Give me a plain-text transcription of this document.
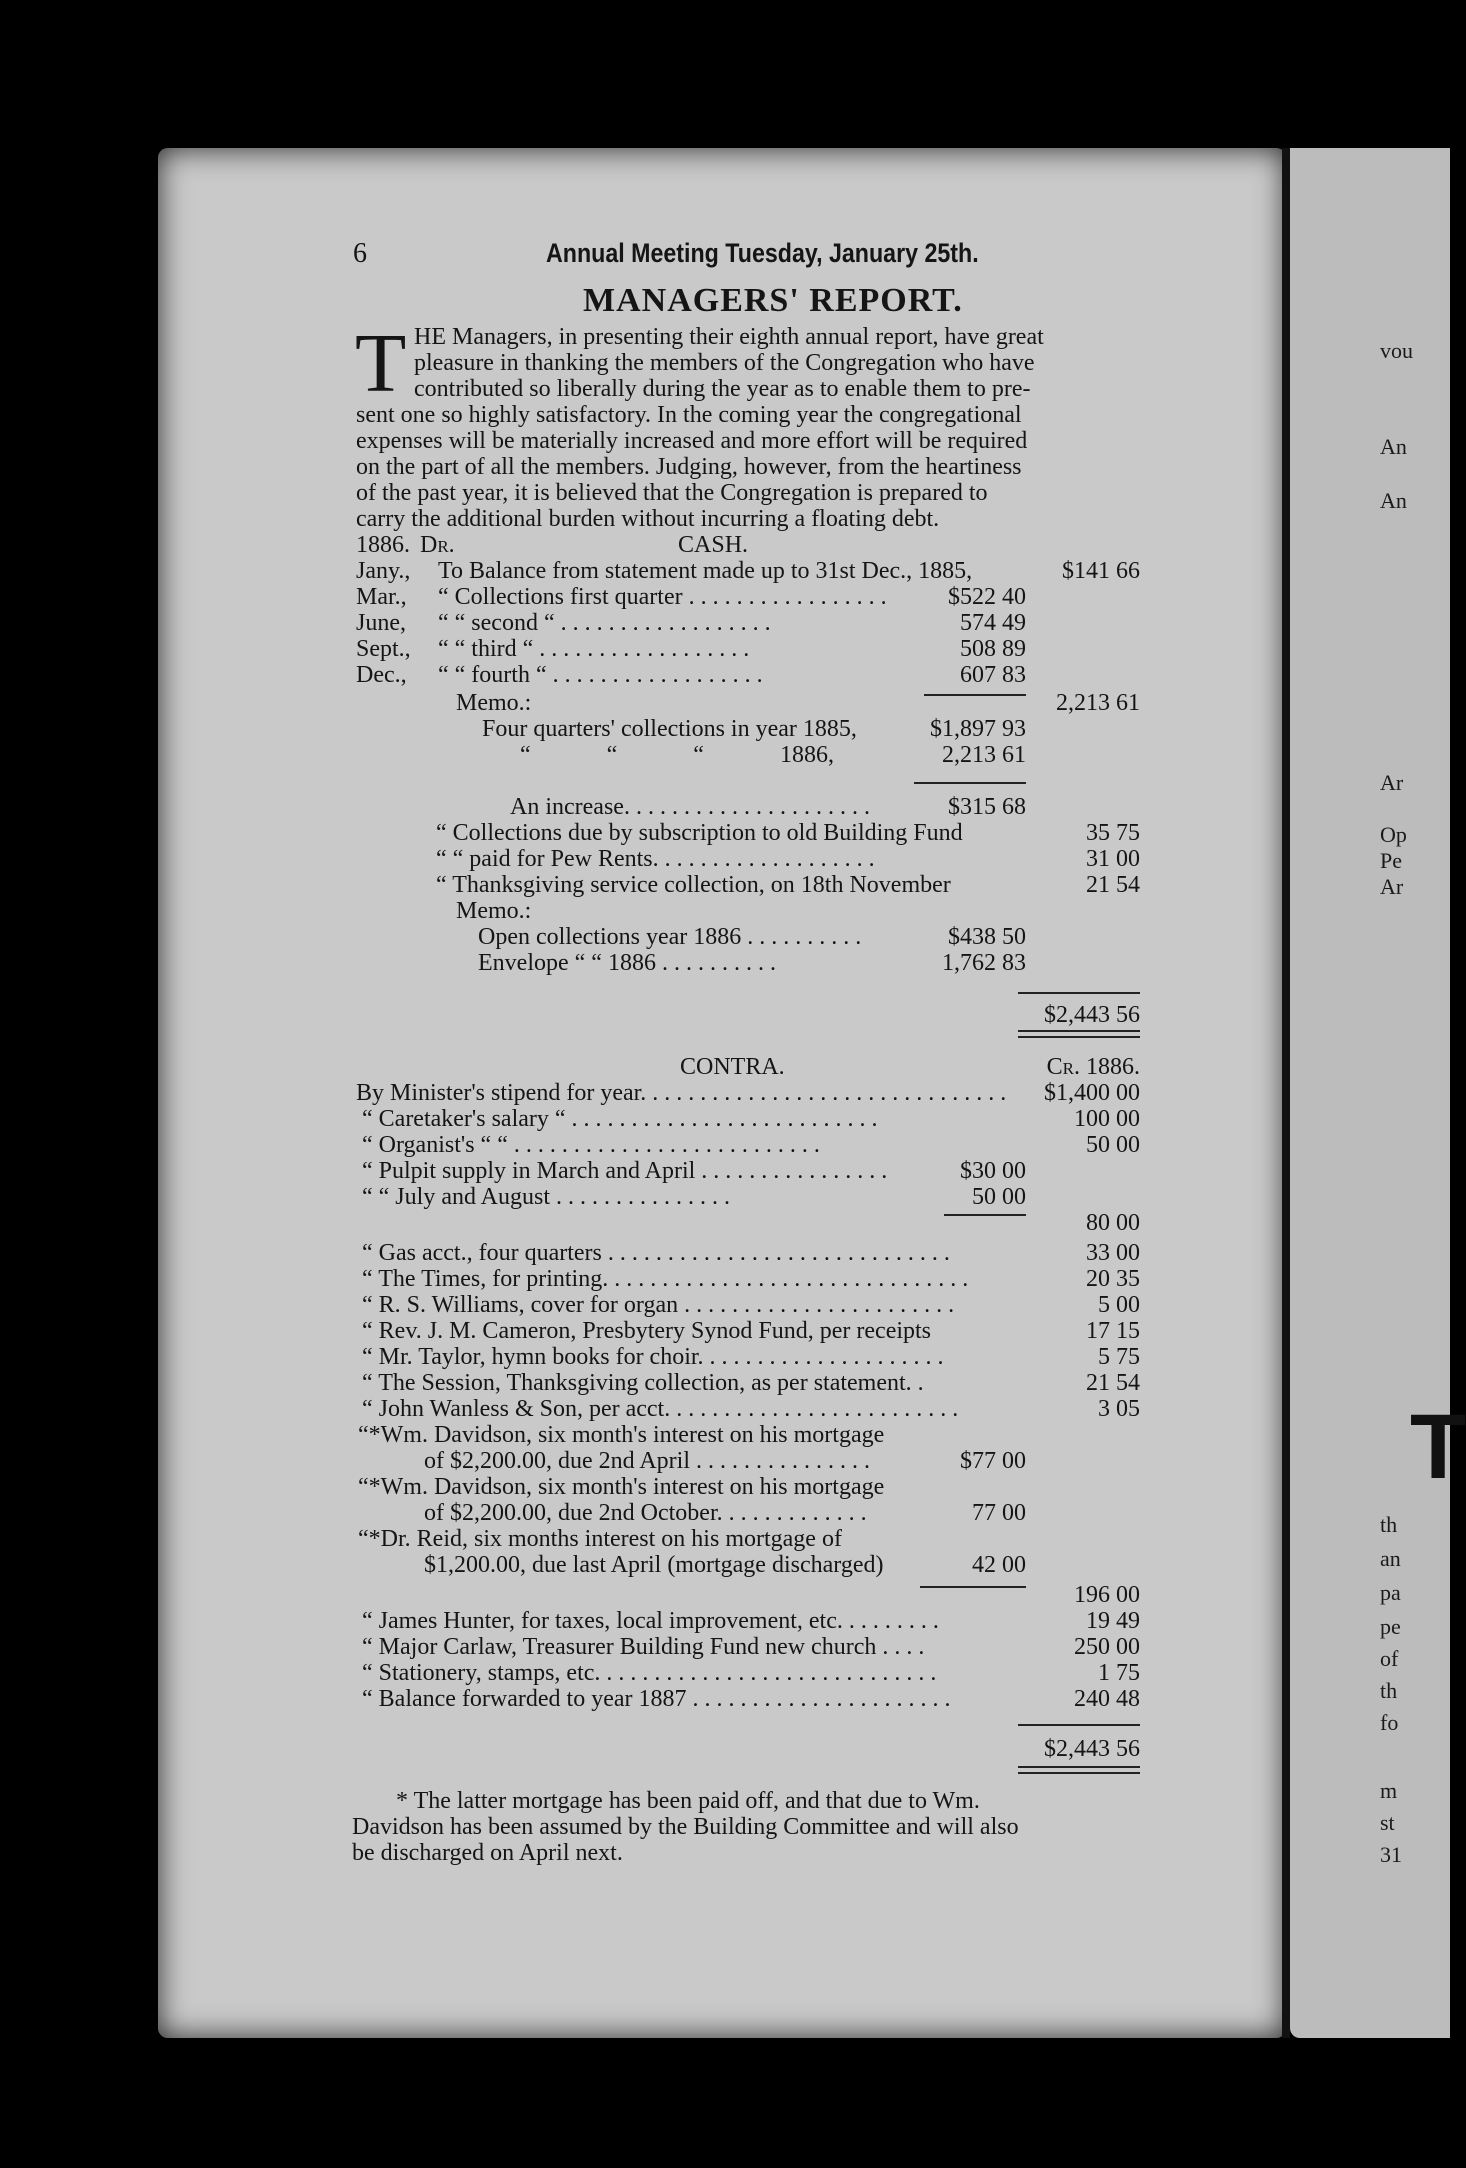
vou
An
An
Ar
Op
Pe
Ar
T
th
an
pa
pe
of
th
fo
m
st
31
6	Annual Meeting Tuesday, January 25th.
MANAGERS' REPORT.
T HE Managers, in presenting their eighth annual report, have great
pleasure in thanking the members of the Congregation who have
contributed so liberally during the year as to enable them to pre-
sent one so highly satisfactory. In the coming year the congregational
expenses will be materially increased and more effort will be required
on the part of all the members. Judging, however, from the heartiness
of the past year, it is believed that the Congregation is prepared to
carry the additional burden without incurring a floating debt.
1886. Dr.	CASH.
Jany., To Balance from statement made up to 31st Dec., 1885,	$141 66
Mar., “ Collections first quarter . . . . . . . . . . . . . . . . .	$522 40
June, “ “ second “ . . . . . . . . . . . . . . . . . .	574 49
Sept., “ “ third “ . . . . . . . . . . . . . . . . . .	508 89
Dec., “ “ fourth “ . . . . . . . . . . . . . . . . . .	607 83
Memo.:	2,213 61
Four quarters' collections in year 1885,	$1,897 93
“ “ “ 1886,	2,213 61
An increase. . . . . . . . . . . . . . . . . . . . .	$315 68
“ Collections due by subscription to old Building Fund	35 75
“ “ paid for Pew Rents. . . . . . . . . . . . . . . . . . .	31 00
“ Thanksgiving service collection, on 18th November	21 54
Memo.:
Open collections year 1886 . . . . . . . . . .	$438 50
Envelope “ “ 1886 . . . . . . . . . .	1,762 83
$2,443 56
CONTRA.	Cr. 1886.
By Minister's stipend for year. . . . . . . . . . . . . . . . . . . . . . . . . . . . . . .	$1,400 00
“ Caretaker's salary “ . . . . . . . . . . . . . . . . . . . . . . . . . .	100 00
“ Organist's “ “ . . . . . . . . . . . . . . . . . . . . . . . . . .	50 00
“ Pulpit supply in March and April . . . . . . . . . . . . . . . .	$30 00
“ “ July and August . . . . . . . . . . . . . . .	50 00
80 00
“ Gas acct., four quarters . . . . . . . . . . . . . . . . . . . . . . . . . . . . .	33 00
“ The Times, for printing. . . . . . . . . . . . . . . . . . . . . . . . . . . . . . .	20 35
“ R. S. Williams, cover for organ . . . . . . . . . . . . . . . . . . . . . . .	5 00
“ Rev. J. M. Cameron, Presbytery Synod Fund, per receipts	17 15
“ Mr. Taylor, hymn books for choir. . . . . . . . . . . . . . . . . . . . .	5 75
“ The Session, Thanksgiving collection, as per statement. .	21 54
“ John Wanless & Son, per acct. . . . . . . . . . . . . . . . . . . . . . . . .	3 05
“*Wm. Davidson, six month's interest on his mortgage
of $2,200.00, due 2nd April . . . . . . . . . . . . . . .	$77 00
“*Wm. Davidson, six month's interest on his mortgage
of $2,200.00, due 2nd October. . . . . . . . . . . . .	77 00
“*Dr. Reid, six months interest on his mortgage of
$1,200.00, due last April (mortgage discharged)	42 00
196 00
“ James Hunter, for taxes, local improvement, etc. . . . . . . . .	19 49
“ Major Carlaw, Treasurer Building Fund new church . . . .	250 00
“ Stationery, stamps, etc. . . . . . . . . . . . . . . . . . . . . . . . . . . . .	1 75
“ Balance forwarded to year 1887 . . . . . . . . . . . . . . . . . . . . . .	240 48
$2,443 56
* The latter mortgage has been paid off, and that due to Wm.
Davidson has been assumed by the Building Committee and will also
be discharged on April next.
